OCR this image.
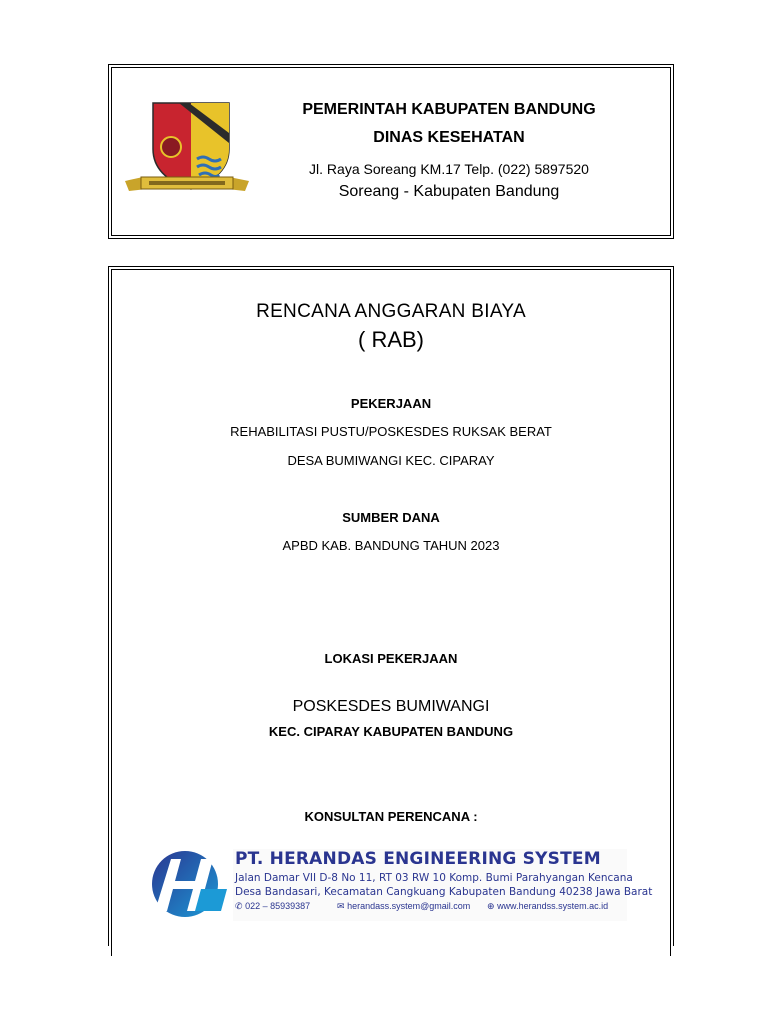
PEMERINTAH KABUPATEN BANDUNG
DINAS KESEHATAN
Jl. Raya Soreang KM.17 Telp. (022) 5897520
Soreang - Kabupaten Bandung
RENCANA ANGGARAN BIAYA
( RAB)
PEKERJAAN
REHABILITASI PUSTU/POSKESDES RUKSAK BERAT
DESA BUMIWANGI KEC. CIPARAY
SUMBER DANA
APBD KAB. BANDUNG TAHUN 2023
LOKASI PEKERJAAN
POSKESDES BUMIWANGI
KEC. CIPARAY KABUPATEN BANDUNG
KONSULTAN PERENCANA :
PT. HERANDAS ENGINEERING SYSTEM
Jalan Damar VII D-8 No 11, RT 03 RW 10 Komp. Bumi Parahyangan Kencana
Desa Bandasari, Kecamatan Cangkuang Kabupaten Bandung 40238 Jawa Barat
✆ 022 – 85939387	✉ herandass.system@gmail.com ⊕ www.herandss.system.ac.id
